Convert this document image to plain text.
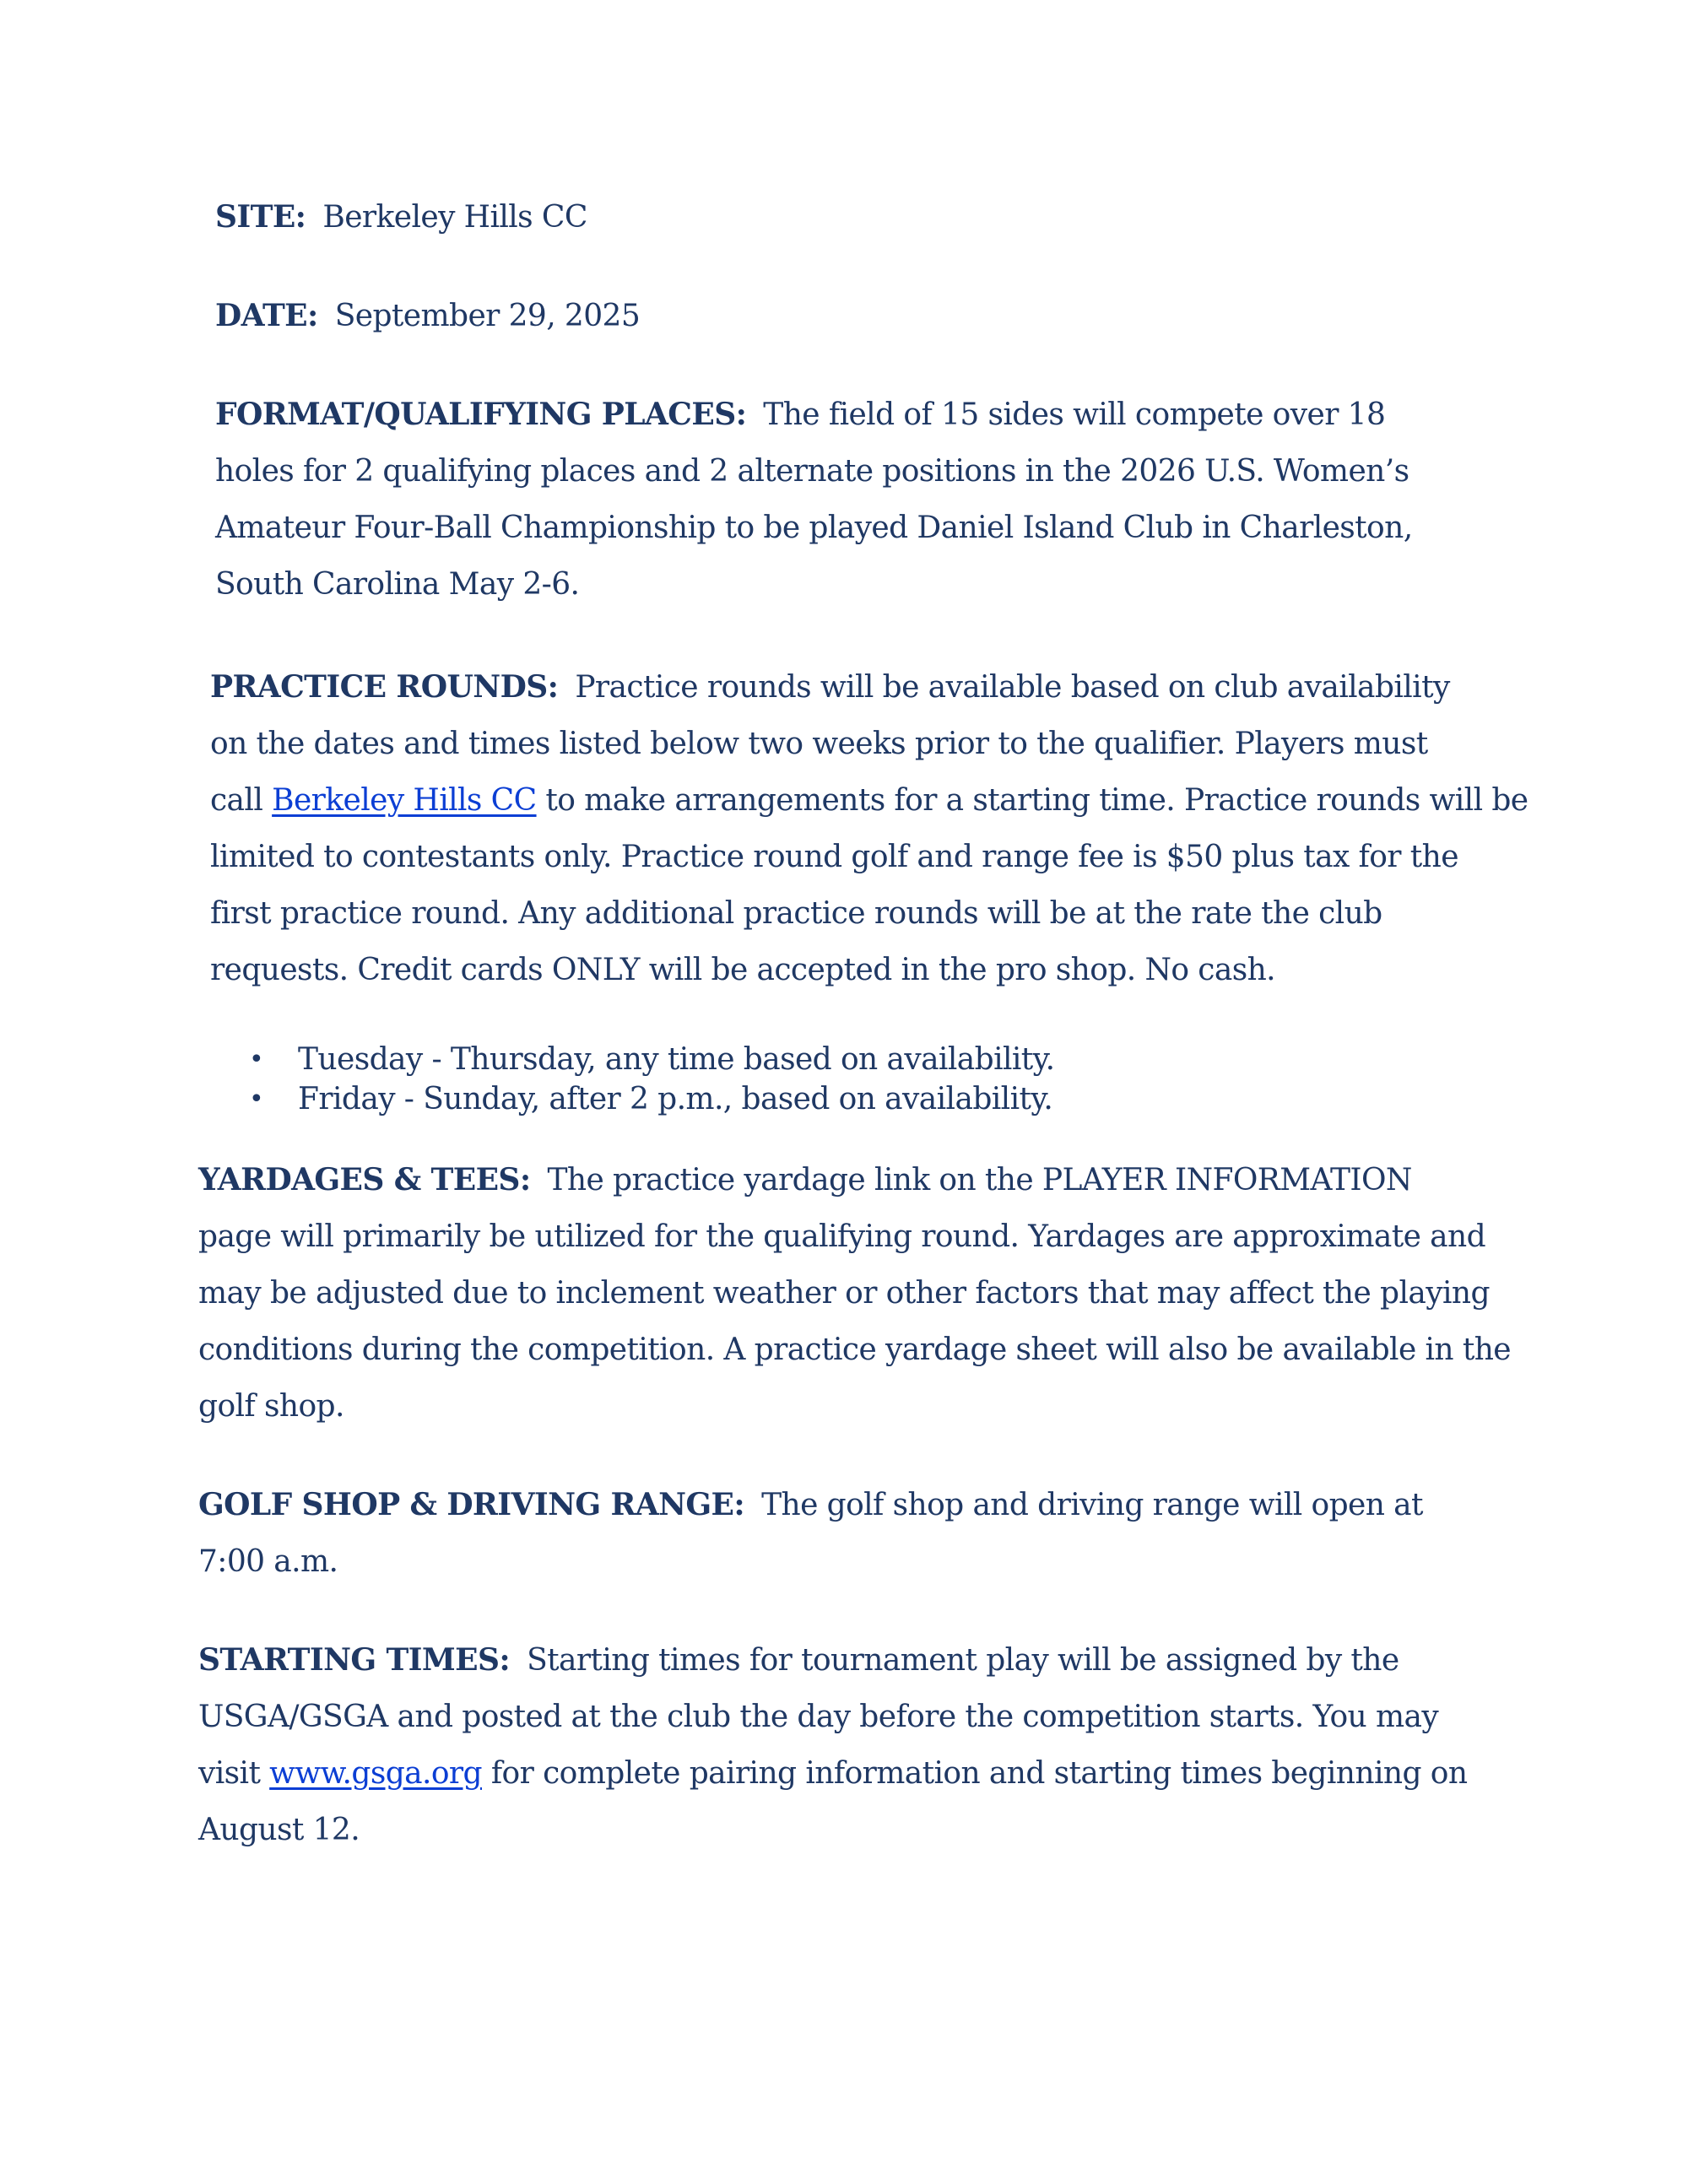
SITE: Berkeley Hills CC
DATE: September 29, 2025
FORMAT/QUALIFYING PLACES: The field of 15 sides will compete over 18
holes for 2 qualifying places and 2 alternate positions in the 2026 U.S. Women’s
Amateur Four-Ball Championship to be played Daniel Island Club in Charleston,
South Carolina May 2-6.
PRACTICE ROUNDS: Practice rounds will be available based on club availability
on the dates and times listed below two weeks prior to the qualifier. Players must
call Berkeley Hills CC to make arrangements for a starting time. Practice rounds will be
limited to contestants only. Practice round golf and range fee is $50 plus tax for the
first practice round. Any additional practice rounds will be at the rate the club
requests. Credit cards ONLY will be accepted in the pro shop. No cash.
• Tuesday - Thursday, any time based on availability.
• Friday - Sunday, after 2 p.m., based on availability.
YARDAGES & TEES: The practice yardage link on the PLAYER INFORMATION
page will primarily be utilized for the qualifying round. Yardages are approximate and
may be adjusted due to inclement weather or other factors that may affect the playing
conditions during the competition. A practice yardage sheet will also be available in the
golf shop.
GOLF SHOP & DRIVING RANGE: The golf shop and driving range will open at
7:00 a.m.
STARTING TIMES: Starting times for tournament play will be assigned by the
USGA/GSGA and posted at the club the day before the competition starts. You may
visit www.gsga.org for complete pairing information and starting times beginning on
August 12.
